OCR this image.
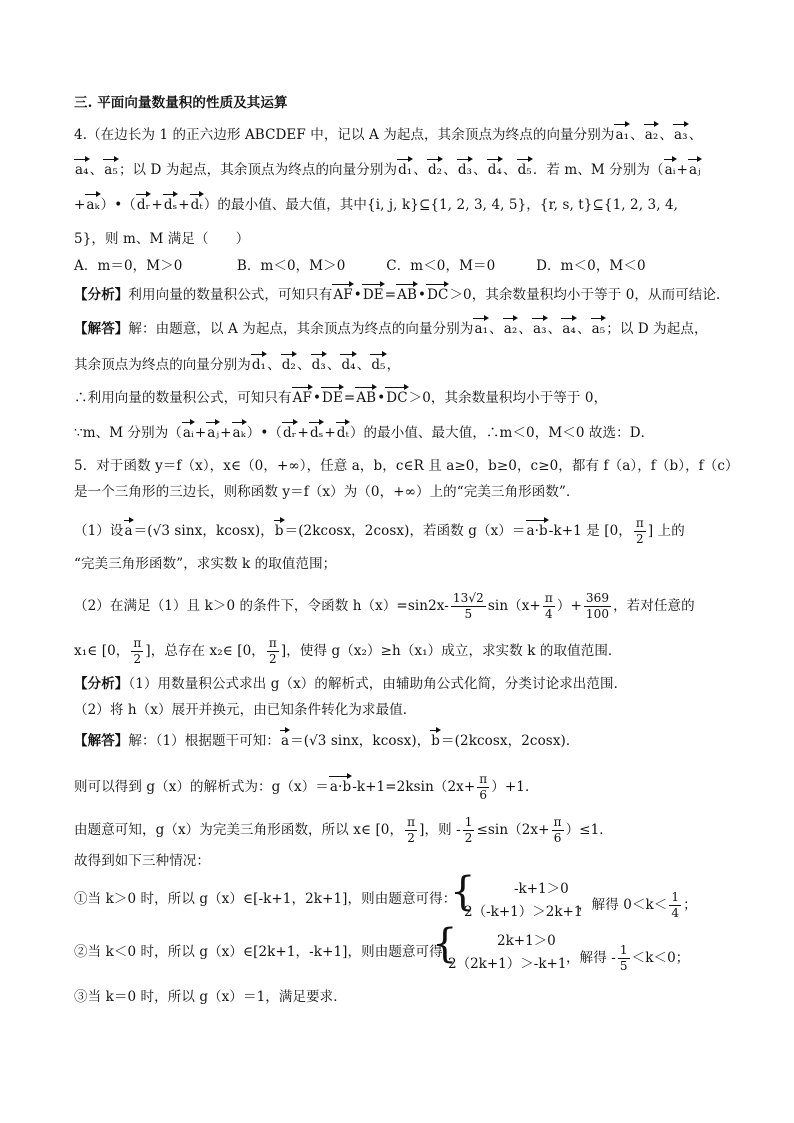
三. 平面向量数量积的性质及其运算
4.（在边长为 1 的正六边形 ABCDEF 中，记以 A 为起点，其余顶点为终点的向量分别为a₁、a₂、a₃、
a₄、a₅；以 D 为起点，其余顶点为终点的向量分别为d₁、d₂、d₃、d₄、d₅．若 m、M 分别为（aᵢ+aⱼ
+aₖ）•（dᵣ+dₛ+dₜ）的最小值、最大值，其中{i, j, k}⊆{1, 2, 3, 4, 5}，{r, s, t}⊆{1, 2, 3, 4,
5}，则 m、M 满足（　　）
A．m＝0，M＞0　　　　B．m＜0，M＞0　　　C．m＜0，M＝0　　　D．m＜0，M＜0
【分析】利用向量的数量积公式，可知只有AF•DE=AB•DC＞0，其余数量积均小于等于 0，从而可结论．
【解答】解：由题意，以 A 为起点，其余顶点为终点的向量分别为a₁、a₂、a₃、a₄、a₅；以 D 为起点，
其余顶点为终点的向量分别为d₁、d₂、d₃、d₄、d₅，
∴利用向量的数量积公式，可知只有AF•DE=AB•DC＞0，其余数量积均小于等于 0，
∵m、M 分别为（aᵢ+aⱼ+aₖ）•（dᵣ+dₛ+dₜ）的最小值、最大值，∴m＜0，M＜0 故选：D．
5．对于函数 y＝f（x），x∈（0，+∞），任意 a，b，c∈R 且 a≥0，b≥0，c≥0，都有 f（a），f（b），f（c）
是一个三角形的三边长，则称函数 y＝f（x）为（0，+∞）上的“完美三角形函数”．
（1）设a＝(√3 sinx，kcosx)，b＝(2kcosx，2cosx)，若函数 g（x）＝a·b-k+1 是 [0， $\frac{\pi}{2}$ ] 上的
“完美三角形函数”，求实数 k 的取值范围；
（2）在满足（1）且 k＞0 的条件下，令函数 $h(x)=\sin 2x- \frac{13√2}{5} \sin(x+ \frac{\pi}{4}$ ）+ $\frac{369}{100}$ ，若对任意的
x₁∈ [0， $\frac{\pi}{2}$ ]，总存在 x₂∈ [0， $\frac{\pi}{2}$ ]，使得 g（x₂）≥h（x₁）成立，求实数 k 的取值范围．
【分析】（1）用数量积公式求出 g（x）的解析式，由辅助角公式化简，分类讨论求出范围．
（2）将 h（x）展开并换元，由已知条件转化为求最值．
【解答】解：（1）根据题干可知：a＝(√3 sinx，kcosx)，b＝(2kcosx，2cosx)．
则可以得到 g（x）的解析式为：$g(x)=a\cdot b-k+1=2ksin(2x+ \frac{\pi}{6} )+1$．
由题意可知，g（x）为完美三角形函数，所以 x∈ [0， $\frac{\pi}{2}$ ]，则 - $\frac{1}{2} \le\sin(2x+ \frac{\pi}{6} )\le 1$．
故得到如下三种情况：
①当 k＞0 时，所以 g（x）∈[-k+1，2k+1]，则由题意可得：
{	-k+1＞0
2（-k+1）＞2k+1
，解得 $0<k< \frac{1}{4}$ ；
②当 k＜0 时，所以 g（x）∈[2k+1，-k+1]，则由题意可得
{	2k+1＞0
2（2k+1）＞-k+1 ，解得 - $\frac{1}{5} <k<0$；
③当 k＝0 时，所以 g（x）＝1，满足要求．
